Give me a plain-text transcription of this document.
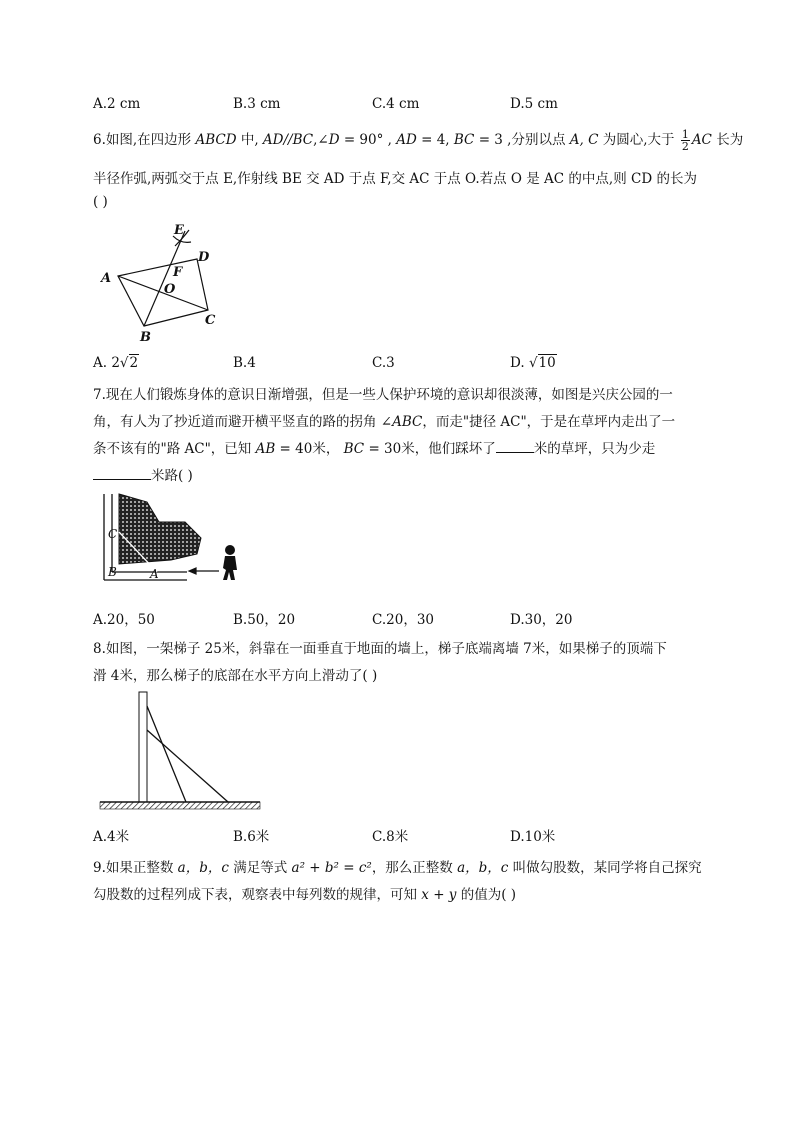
A.2 cm	B.3 cm	C.4 cm	D.5 cm
6.如图,在四边形 ABCD 中, AD//BC,∠D = 90° , AD = 4, BC = 3 ,分别以点 A, C 为圆心,大于 $\frac{1}{2}$ AC 长为
半径作弧,两弧交于点 E,作射线 BE 交 AD 于点 F,交 AC 于点 O.若点 O 是 AC 的中点,则 CD 的长为
( )
E
D
F
A
O
B
C
A. 2√2	B.4	C.3	D. √10
7.现在人们锻炼身体的意识日渐增强，但是一些人保护环境的意识却很淡薄，如图是兴庆公园的一
角，有人为了抄近道而避开横平竖直的路的拐角 ∠ABC，而走"捷径 AC"，于是在草坪内走出了一
条不该有的"路 AC"，已知 AB = 40米， BC = 30米，他们踩坏了	米的草坪，只为少走
米路( )
C
B	A
A.20，50	B.50，20	C.20，30	D.30，20
8.如图，一架梯子 25米，斜靠在一面垂直于地面的墙上，梯子底端离墙 7米，如果梯子的顶端下
滑 4米，那么梯子的底部在水平方向上滑动了( )
A.4米	B.6米	C.8米	D.10米
9.如果正整数 a，b，c 满足等式 a² + b² = c²，那么正整数 a，b，c 叫做勾股数，某同学将自己探究
勾股数的过程列成下表，观察表中每列数的规律，可知 x + y 的值为( )
